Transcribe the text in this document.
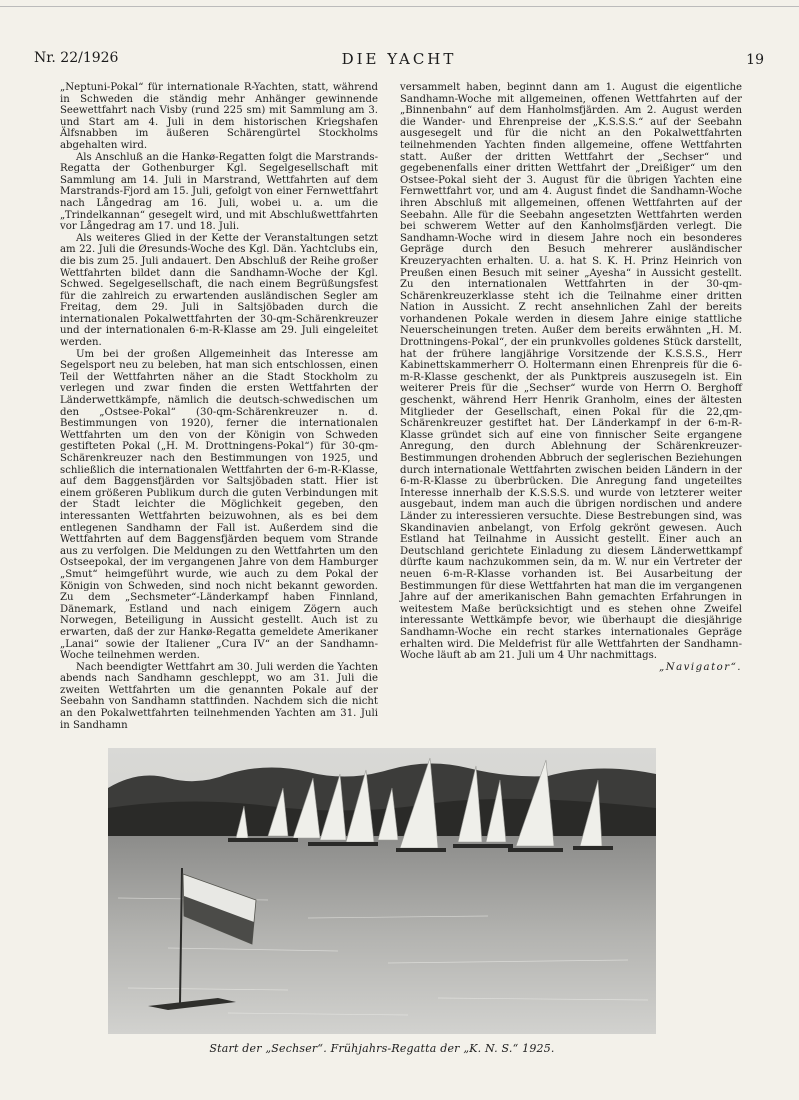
Nr. 22/1926	DIE YACHT	19

„Neptuni-Pokal“ für internationale R-Yachten, statt, während in Schweden die ständig mehr Anhänger gewinnende Seewettfahrt nach Visby (rund 225 sm) mit Sammlung am 3. und Start am 4. Juli in dem historischen Kriegshafen Älfsnabben im äußeren Schärengürtel Stockholms abgehalten wird.

Als Anschluß an die Hankø-Regatten folgt die Marstrands-Regatta der Gothenburger Kgl. Segelgesellschaft mit Sammlung am 14. Juli in Marstrand, Wettfahrten auf dem Marstrands-Fjord am 15. Juli, gefolgt von einer Fernwettfahrt nach Långedrag am 16. Juli, wobei u. a. um die „Trindelkannan“ gesegelt wird, und mit Abschlußwettfahrten vor Långedrag am 17. und 18. Juli.

Als weiteres Glied in der Kette der Veranstaltungen setzt am 22. Juli die Øresunds-Woche des Kgl. Dän. Yachtclubs ein, die bis zum 25. Juli andauert. Den Abschluß der Reihe großer Wettfahrten bildet dann die Sandhamn-Woche der Kgl. Schwed. Segelgesellschaft, die nach einem Begrüßungsfest für die zahlreich zu erwartenden ausländischen Segler am Freitag, dem 29. Juli in Saltsjöbaden durch die internationalen Pokalwettfahrten der 30-qm-Schärenkreuzer und der internationalen 6-m-R-Klasse am 29. Juli eingeleitet werden.

Um bei der großen Allgemeinheit das Interesse am Segelsport neu zu beleben, hat man sich entschlossen, einen Teil der Wettfahrten näher an die Stadt Stockholm zu verlegen und zwar finden die ersten Wettfahrten der Länderwettkämpfe, nämlich die deutsch-schwedischen um den „Ostsee-Pokal“ (30-qm-Schärenkreuzer n. d. Bestimmungen von 1920), ferner die internationalen Wettfahrten um den von der Königin von Schweden gestifteten Pokal („H. M. Drottningens-Pokal“) für 30-qm-Schärenkreuzer nach den Bestimmungen von 1925, und schließlich die internationalen Wettfahrten der 6-m-R-Klasse, auf dem Baggensfjärden vor Saltsjöbaden statt. Hier ist einem größeren Publikum durch die guten Verbindungen mit der Stadt leichter die Möglichkeit gegeben, den interessanten Wettfahrten beizuwohnen, als es bei dem entlegenen Sandhamn der Fall ist. Außerdem sind die Wettfahrten auf dem Baggensfjärden bequem vom Strande aus zu verfolgen. Die Meldungen zu den Wettfahrten um den Ostseepokal, der im vergangenen Jahre von dem Hamburger „Smut“ heimgeführt wurde, wie auch zu dem Pokal der Königin von Schweden, sind noch nicht bekannt geworden. Zu dem „Sechsmeter“-Länderkampf haben Finnland, Dänemark, Estland und nach einigem Zögern auch Norwegen, Beteiligung in Aussicht gestellt. Auch ist zu erwarten, daß der zur Hankø-Regatta gemeldete Amerikaner „Lanai“ sowie der Italiener „Cura IV“ an der Sandhamn-Woche teilnehmen werden.

Nach beendigter Wettfahrt am 30. Juli werden die Yachten abends nach Sandhamn geschleppt, wo am 31. Juli die zweiten Wettfahrten um die genannten Pokale auf der Seebahn von Sandhamn stattfinden. Nachdem sich die nicht an den Pokalwettfahrten teilnehmenden Yachten am 31. Juli in Sandhamn

versammelt haben, beginnt dann am 1. August die eigentliche Sandhamn-Woche mit allgemeinen, offenen Wettfahrten auf der „Binnenbahn“ auf dem Hanholmsfjärden. Am 2. August werden die Wander- und Ehrenpreise der „K.S.S.S.“ auf der Seebahn ausgesegelt und für die nicht an den Pokalwettfahrten teilnehmenden Yachten finden allgemeine, offene Wettfahrten statt. Außer der dritten Wettfahrt der „Sechser“ und gegebenenfalls einer dritten Wettfahrt der „Dreißiger“ um den Ostsee-Pokal sieht der 3. August für die übrigen Yachten eine Fernwettfahrt vor, und am 4. August findet die Sandhamn-Woche ihren Abschluß mit allgemeinen, offenen Wettfahrten auf der Seebahn. Alle für die Seebahn angesetzten Wettfahrten werden bei schwerem Wetter auf den Kanholmsfjärden verlegt. Die Sandhamn-Woche wird in diesem Jahre noch ein besonderes Gepräge durch den Besuch mehrerer ausländischer Kreuzeryachten erhalten. U. a. hat S. K. H. Prinz Heinrich von Preußen einen Besuch mit seiner „Ayesha“ in Aussicht gestellt. Zu den internationalen Wettfahrten in der 30-qm-Schärenkreuzerklasse steht ich die Teilnahme einer dritten Nation in Aussicht. Z recht ansehnlichen Zahl der bereits vorhandenen Pokale werden in diesem Jahre einige stattliche Neuerscheinungen treten. Außer dem bereits erwähnten „H. M. Drottningens-Pokal“, der ein prunkvolles goldenes Stück darstellt, hat der frühere langjährige Vorsitzende der K.S.S.S., Herr Kabinettskammerherr O. Holtermann einen Ehrenpreis für die 6-m-R-Klasse geschenkt, der als Punktpreis auszusegeln ist. Ein weiterer Preis für die „Sechser“ wurde von Herrn O. Berghoff geschenkt, während Herr Henrik Granholm, eines der ältesten Mitglieder der Gesellschaft, einen Pokal für die 22,qm-Schärenkreuzer gestiftet hat. Der Länderkampf in der 6-m-R-Klasse gründet sich auf eine von finnischer Seite ergangene Anregung, den durch Ablehnung der Schärenkreuzer-Bestimmungen drohenden Abbruch der seglerischen Beziehungen durch internationale Wettfahrten zwischen beiden Ländern in der 6-m-R-Klasse zu überbrücken. Die Anregung fand ungeteiltes Interesse innerhalb der K.S.S.S. und wurde von letzterer weiter ausgebaut, indem man auch die übrigen nordischen und andere Länder zu interessieren versuchte. Diese Bestrebungen sind, was Skandinavien anbelangt, von Erfolg gekrönt gewesen. Auch Estland hat Teilnahme in Aussicht gestellt. Einer auch an Deutschland gerichtete Einladung zu diesem Länderwettkampf dürfte kaum nachzukommen sein, da m. W. nur ein Vertreter der neuen 6-m-R-Klasse vorhanden ist. Bei Ausarbeitung der Bestimmungen für diese Wettfahrten hat man die im vergangenen Jahre auf der amerikanischen Bahn gemachten Erfahrungen in weitestem Maße berücksichtigt und es stehen ohne Zweifel interessante Wettkämpfe bevor, wie überhaupt die diesjährige Sandhamn-Woche ein recht starkes internationales Gepräge erhalten wird. Die Meldefrist für alle Wettfahrten der Sandhamn-Woche läuft ab am 21. Juli um 4 Uhr nachmittags.

„Navigator“.
Start der „Sechser“. Frühjahrs-Regatta der „K. N. S.“ 1925.
